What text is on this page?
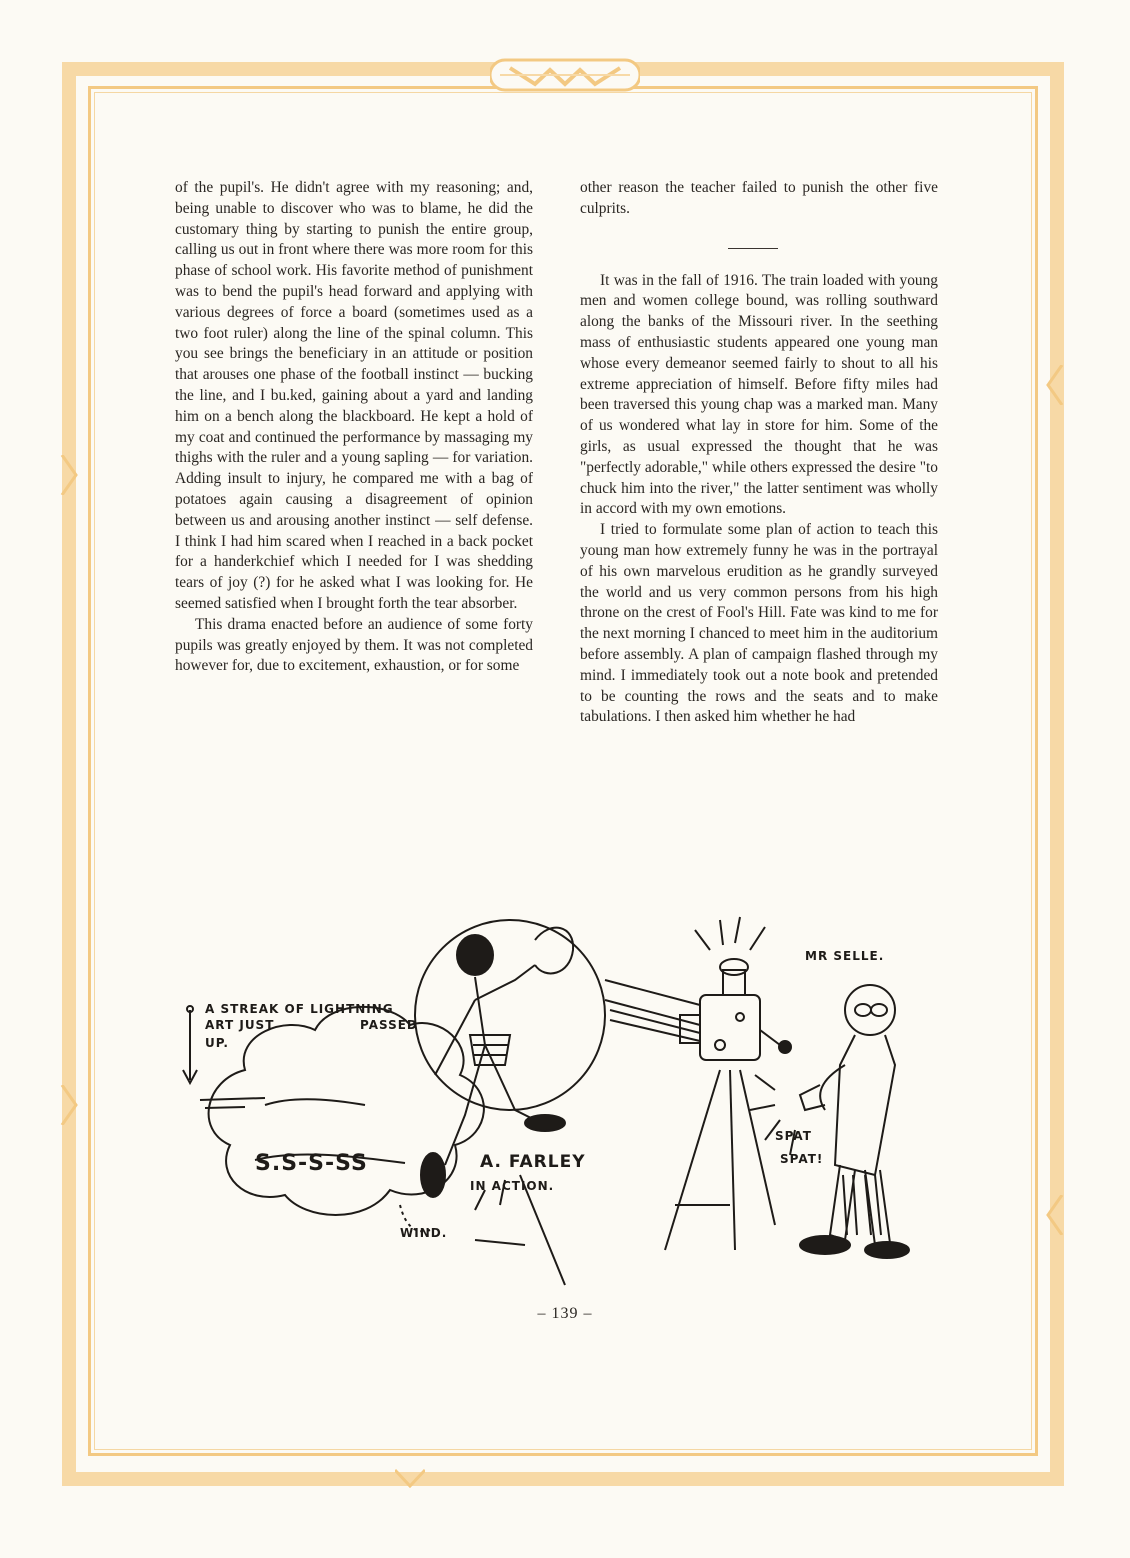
of the pupil's. He didn't agree with my reasoning; and, being unable to discover who was to blame, he did the customary thing by starting to punish the entire group, calling us out in front where there was more room for this phase of school work. His favorite method of punishment was to bend the pupil's head forward and applying with various degrees of force a board (sometimes used as a two foot ruler) along the line of the spinal column. This you see brings the beneficiary in an attitude or position that arouses one phase of the football instinct — bucking the line, and I bu.ked, gaining about a yard and landing him on a bench along the blackboard. He kept a hold of my coat and continued the performance by massaging my thighs with the ruler and a young sapling — for variation. Adding insult to injury, he compared me with a bag of potatoes again causing a disagreement of opinion between us and arousing another instinct — self defense. I think I had him scared when I reached in a back pocket for a handerkchief which I needed for I was shedding tears of joy (?) for he asked what I was looking for. He seemed satisfied when I brought forth the tear absorber.

This drama enacted before an audience of some forty pupils was greatly enjoyed by them. It was not completed however for, due to excitement, exhaustion, or for some

other reason the teacher failed to punish the other five culprits.

It was in the fall of 1916. The train loaded with young men and women college bound, was rolling southward along the banks of the Missouri river. In the seething mass of enthusiastic students appeared one young man whose every demeanor seemed fairly to shout to all his extreme appreciation of himself. Before fifty miles had been traversed this young chap was a marked man. Many of us wondered what lay in store for him. Some of the girls, as usual expressed the thought that he was "perfectly adorable," while others expressed the desire "to chuck him into the river," the latter sentiment was wholly in accord with my own emotions.

I tried to formulate some plan of action to teach this young man how extremely funny he was in the portrayal of his own marvelous erudition as he grandly surveyed the world and us very common persons from his high throne on the crest of Fool's Hill. Fate was kind to me for the next morning I chanced to meet him in the auditorium before assembly. A plan of campaign flashed through my mind. I immediately took out a note book and pretended to be counting the rows and the seats and to make tabulations. I then asked him whether he had

A STREAK OF LIGHTNING
ART JUST	PASSED
UP.
S.S-S-SS
WIND.
A. FARLEY
IN ACTION.
MR SELLE.
SPAT
SPAT!
– 139 –
